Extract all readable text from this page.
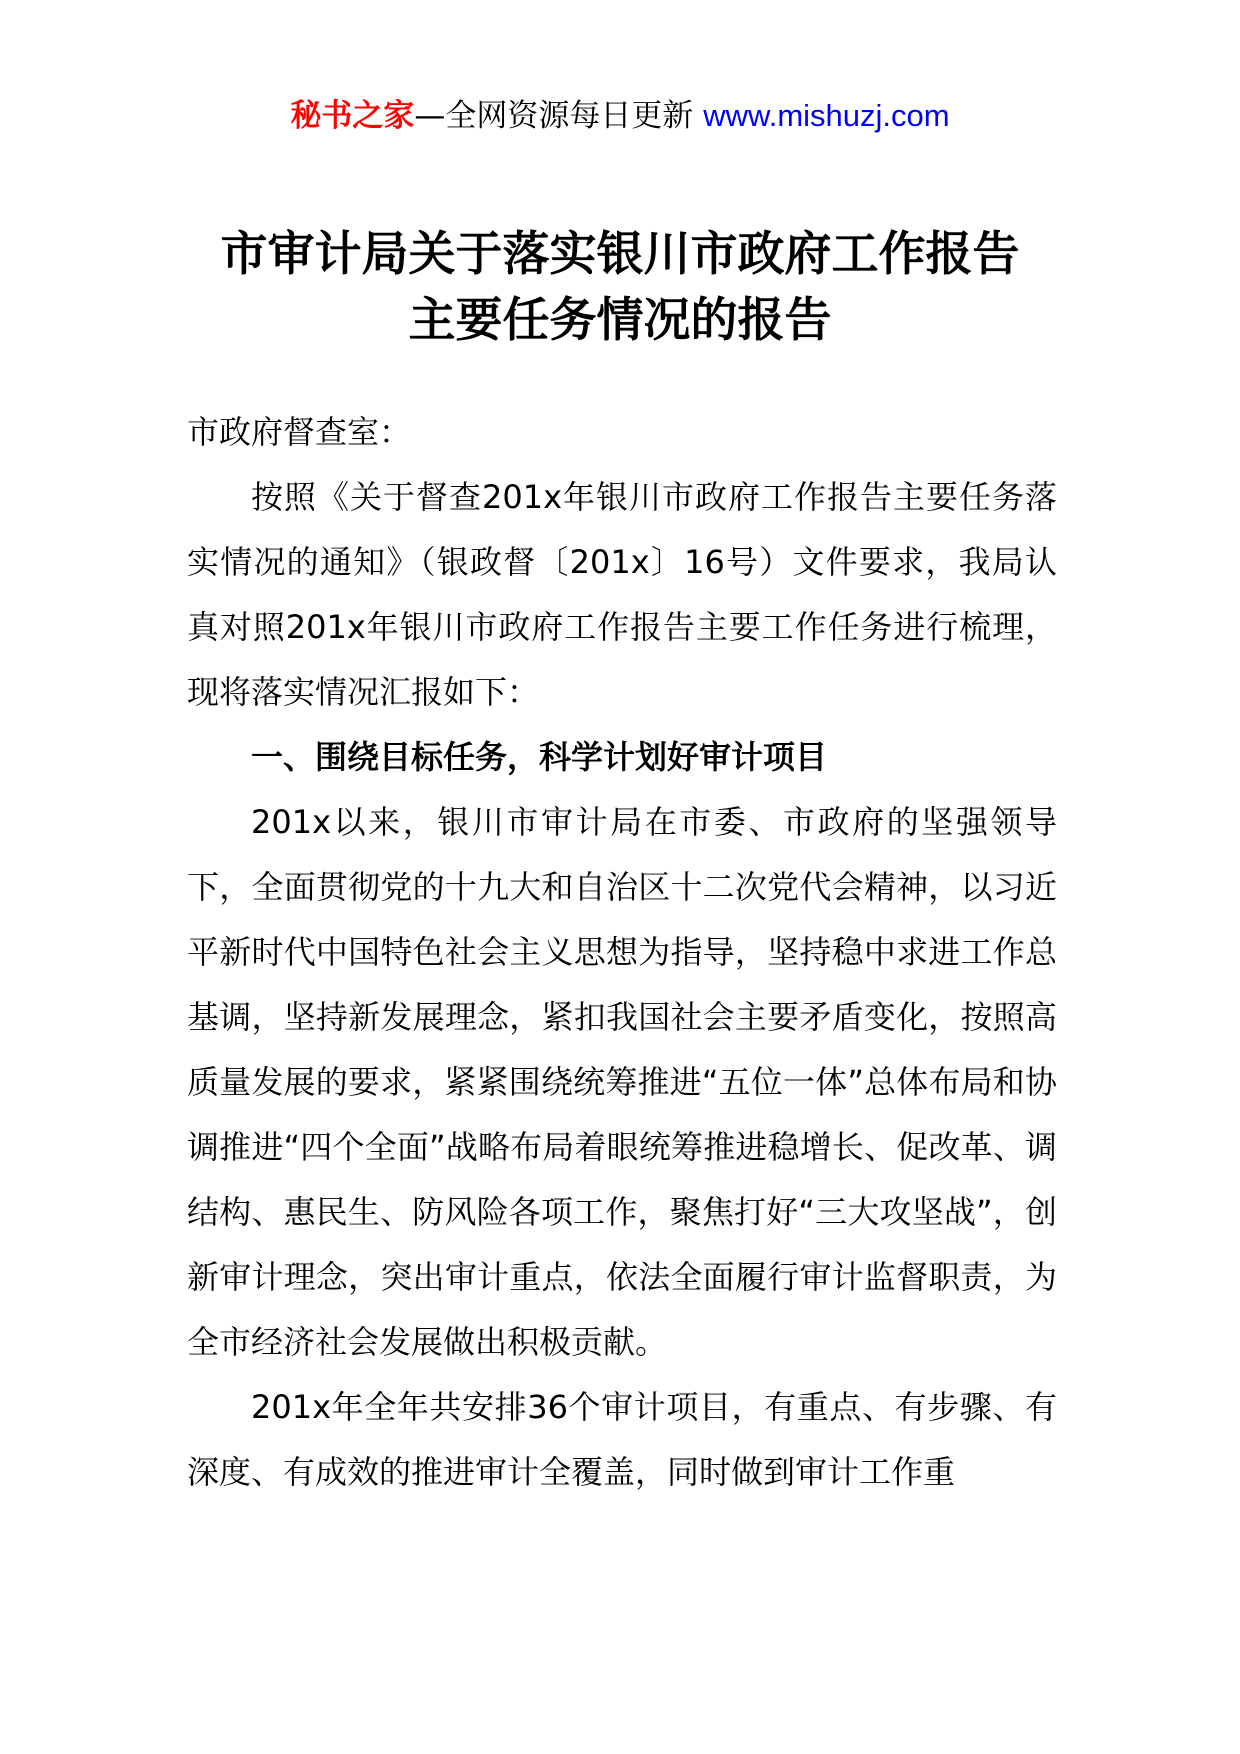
秘书之家—全网资源每日更新 www.mishuzj.com
市审计局关于落实银川市政府工作报告
主要任务情况的报告

市政府督查室：

按照《关于督查201x年银川市政府工作报告主要任务落实情况的通知》（银政督〔201x〕16号）文件要求，我局认真对照201x年银川市政府工作报告主要工作任务进行梳理，现将落实情况汇报如下：

一、围绕目标任务，科学计划好审计项目

201x以来，银川市审计局在市委、市政府的坚强领导下，全面贯彻党的十九大和自治区十二次党代会精神，以习近平新时代中国特色社会主义思想为指导，坚持稳中求进工作总基调，坚持新发展理念，紧扣我国社会主要矛盾变化，按照高质量发展的要求，紧紧围绕统筹推进“五位一体”总体布局和协调推进“四个全面”战略布局着眼统筹推进稳增长、促改革、调结构、惠民生、防风险各项工作，聚焦打好“三大攻坚战”，创新审计理念，突出审计重点，依法全面履行审计监督职责，为全市经济社会发展做出积极贡献。

201x年全年共安排36个审计项目，有重点、有步骤、有深度、有成效的推进审计全覆盖，同时做到审计工作重
